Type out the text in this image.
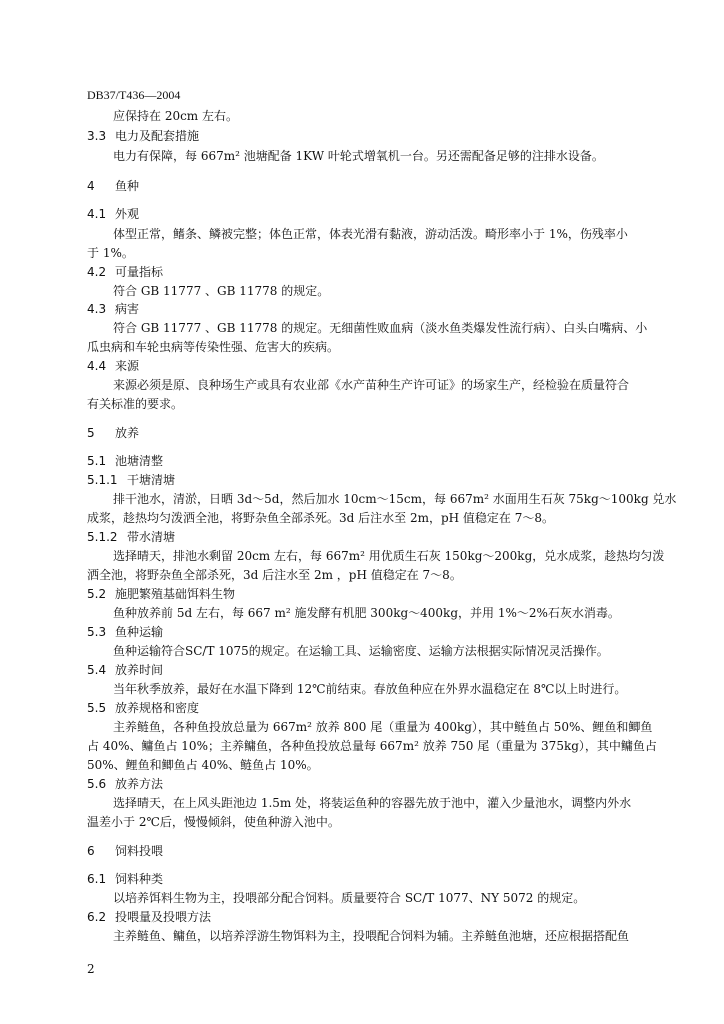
DB37/T436—2004
应保持在 20cm 左右。
3.3 电力及配套措施
电力有保障，每 667m² 池塘配备 1KW 叶轮式增氧机一台。另还需配备足够的注排水设备。
4 鱼种
4.1 外观
体型正常，鳍条、鳞被完整；体色正常，体表光滑有黏液，游动活泼。畸形率小于 1%，伤残率小
于 1%。
4.2 可量指标
符合 GB 11777 、GB 11778 的规定。
4.3 病害
符合 GB 11777 、GB 11778 的规定。无细菌性败血病（淡水鱼类爆发性流行病）、白头白嘴病、小
瓜虫病和车轮虫病等传染性强、危害大的疾病。
4.4 来源
来源必须是原、良种场生产或具有农业部《水产苗种生产许可证》的场家生产，经检验在质量符合
有关标准的要求。
5 放养
5.1 池塘清整
5.1.1 干塘清塘
排干池水，清淤，日晒 3d～5d，然后加水 10cm～15cm，每 667m² 水面用生石灰 75kg～100kg 兑水
成浆，趁热均匀泼洒全池，将野杂鱼全部杀死。3d 后注水至 2m，pH 值稳定在 7～8。
5.1.2 带水清塘
选择晴天，排池水剩留 20cm 左右，每 667m² 用优质生石灰 150kg～200kg，兑水成浆，趁热均匀泼
洒全池，将野杂鱼全部杀死，3d 后注水至 2m ，pH 值稳定在 7～8。
5.2 施肥繁殖基础饵料生物
鱼种放养前 5d 左右，每 667 m² 施发酵有机肥 300kg～400kg，并用 1%～2%石灰水消毒。
5.3 鱼种运输
鱼种运输符合SC/T 1075的规定。在运输工具、运输密度、运输方法根据实际情况灵活操作。
5.4 放养时间
当年秋季放养，最好在水温下降到 12℃前结束。春放鱼种应在外界水温稳定在 8℃以上时进行。
5.5 放养规格和密度
主养鲢鱼，各种鱼投放总量为 667m² 放养 800 尾（重量为 400kg），其中鲢鱼占 50%、鲤鱼和鲫鱼
占 40%、鳙鱼占 10%；主养鳙鱼，各种鱼投放总量每 667m² 放养 750 尾（重量为 375kg），其中鳙鱼占
50%、鲤鱼和鲫鱼占 40%、鲢鱼占 10%。
5.6 放养方法
选择晴天，在上风头距池边 1.5m 处，将装运鱼种的容器先放于池中，灌入少量池水，调整内外水
温差小于 2℃后，慢慢倾斜，使鱼种游入池中。
6 饲料投喂
6.1 饲料种类
以培养饵料生物为主，投喂部分配合饲料。质量要符合 SC/T 1077、NY 5072 的规定。
6.2 投喂量及投喂方法
主养鲢鱼、鳙鱼，以培养浮游生物饵料为主，投喂配合饲料为辅。主养鲢鱼池塘，还应根据搭配鱼
2
